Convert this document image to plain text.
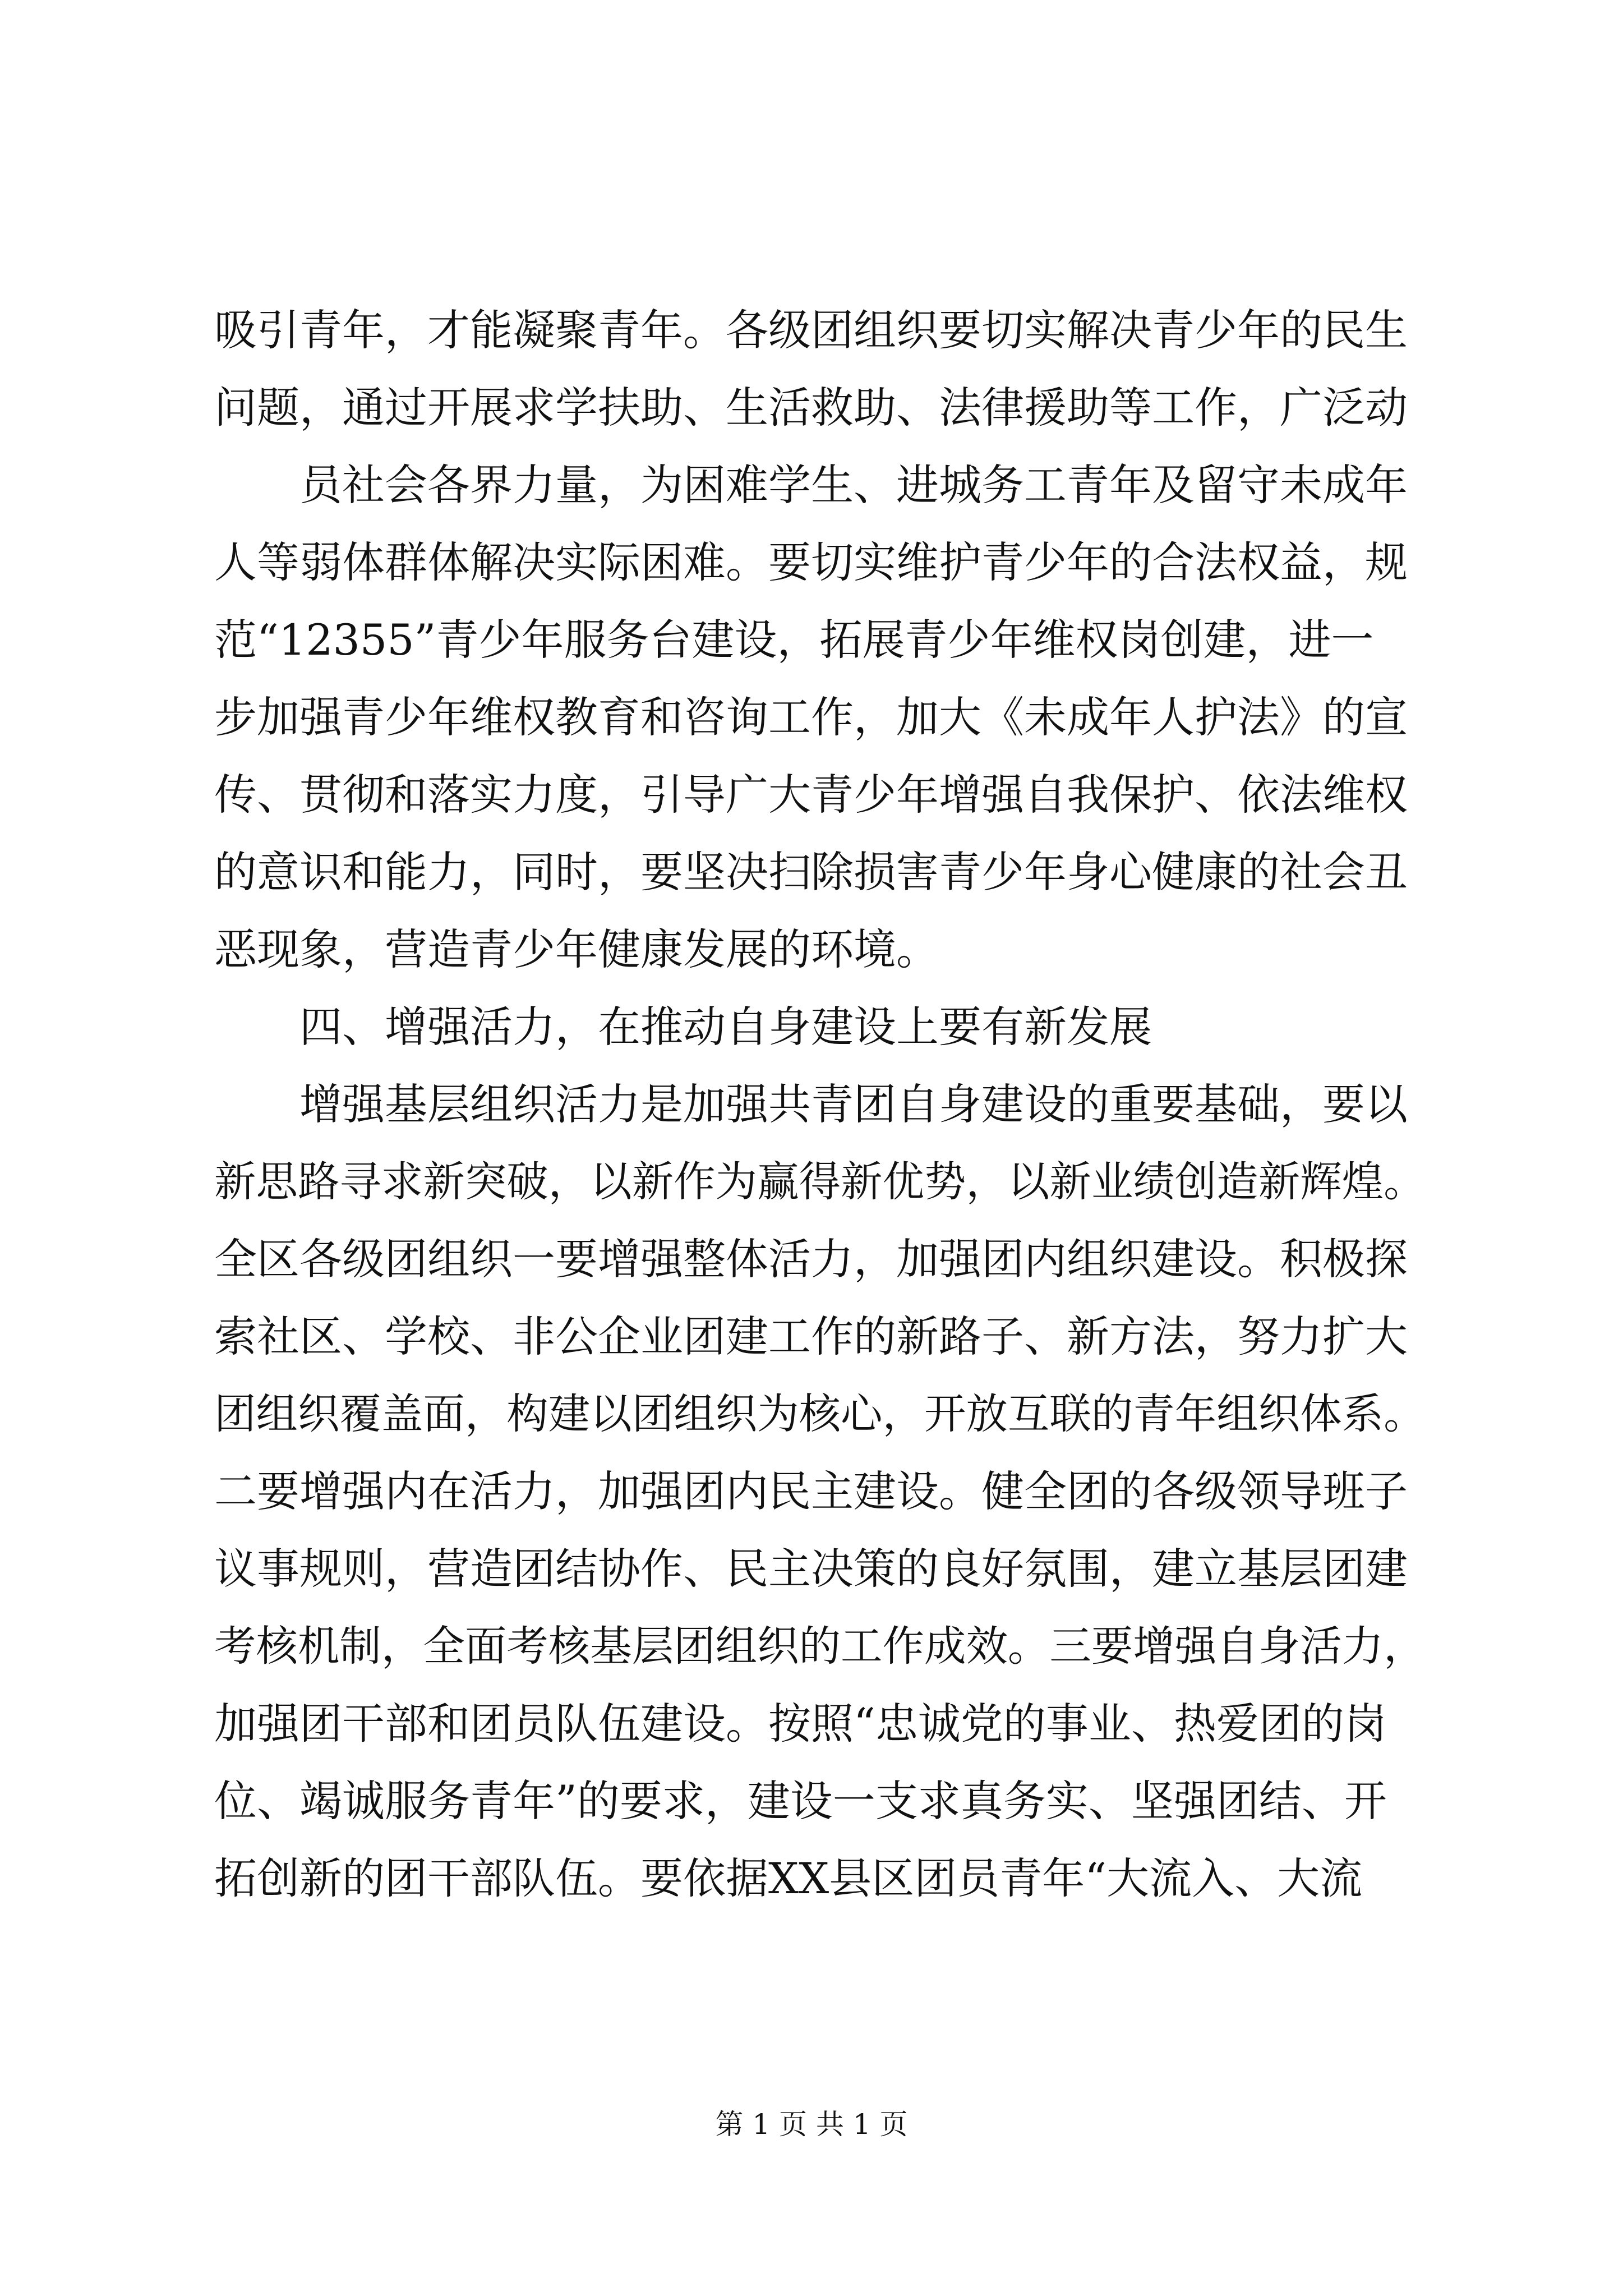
吸引青年，才能凝聚青年。各级团组织要切实解决青少年的民生
问题，通过开展求学扶助、生活救助、法律援助等工作，广泛动
员社会各界力量，为困难学生、进城务工青年及留守未成年
人等弱体群体解决实际困难。要切实维护青少年的合法权益，规
范“12355”青少年服务台建设，拓展青少年维权岗创建，进一
步加强青少年维权教育和咨询工作，加大《未成年人护法》的宣
传、贯彻和落实力度，引导广大青少年增强自我保护、依法维权
的意识和能力，同时，要坚决扫除损害青少年身心健康的社会丑
恶现象，营造青少年健康发展的环境。
四、增强活力，在推动自身建设上要有新发展
增强基层组织活力是加强共青团自身建设的重要基础，要以
新思路寻求新突破，以新作为赢得新优势，以新业绩创造新辉煌。
全区各级团组织一要增强整体活力，加强团内组织建设。积极探
索社区、学校、非公企业团建工作的新路子、新方法，努力扩大
团组织覆盖面，构建以团组织为核心，开放互联的青年组织体系。
二要增强内在活力，加强团内民主建设。健全团的各级领导班子
议事规则，营造团结协作、民主决策的良好氛围，建立基层团建
考核机制，全面考核基层团组织的工作成效。三要增强自身活力，
加强团干部和团员队伍建设。按照“忠诚党的事业、热爱团的岗
位、竭诚服务青年”的要求，建设一支求真务实、坚强团结、开
拓创新的团干部队伍。要依据XX县区团员青年“大流入、大流
第 1 页 共 1 页
